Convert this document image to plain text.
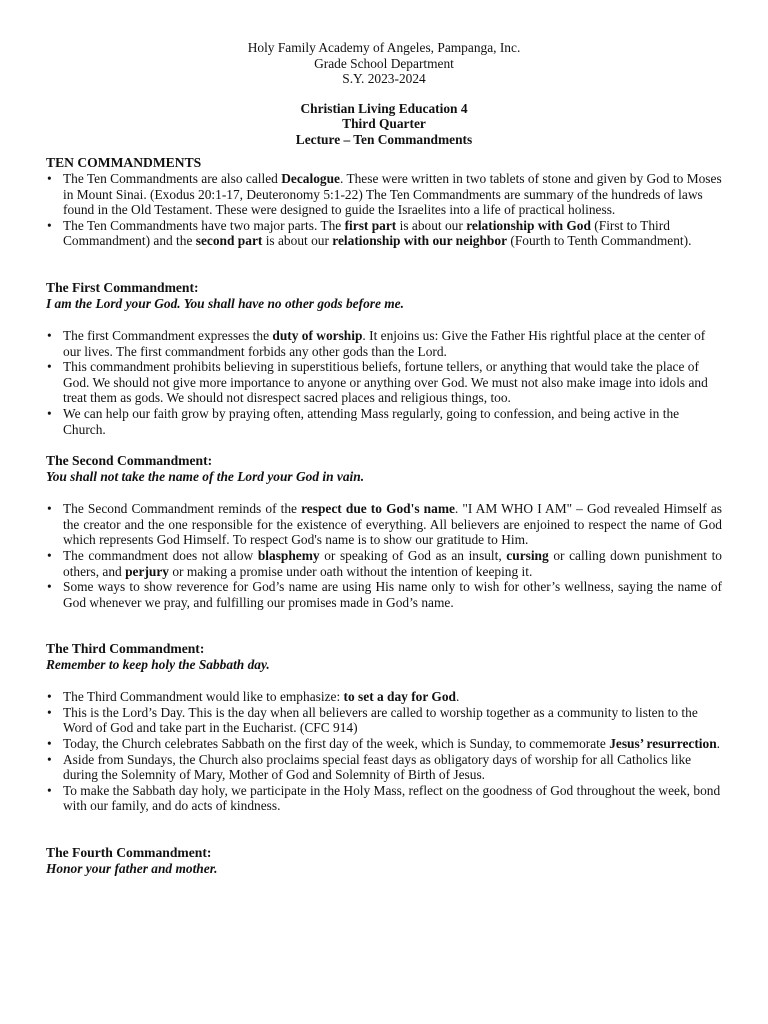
Holy Family Academy of Angeles, Pampanga, Inc.
Grade School Department
S.Y. 2023-2024
Christian Living Education 4
Third Quarter
Lecture – Ten Commandments
TEN COMMANDMENTS
• The Ten Commandments are also called Decalogue. These were written in two tablets of stone and given by God to Moses in Mount Sinai. (Exodus 20:1-17, Deuteronomy 5:1-22) The Ten Commandments are summary of the hundreds of laws found in the Old Testament. These were designed to guide the Israelites into a life of practical holiness.
• The Ten Commandments have two major parts. The first part is about our relationship with God (First to Third Commandment) and the second part is about our relationship with our neighbor (Fourth to Tenth Commandment).
The First Commandment:

I am the Lord your God. You shall have no other gods before me.

• The first Commandment expresses the duty of worship. It enjoins us: Give the Father His rightful place at the center of our lives. The first commandment forbids any other gods than the Lord.
• This commandment prohibits believing in superstitious beliefs, fortune tellers, or anything that would take the place of God. We should not give more importance to anyone or anything over God. We must not also make image into idols and treat them as gods. We should not disrespect sacred places and religious things, too.
• We can help our faith grow by praying often, attending Mass regularly, going to confession, and being active in the Church.
The Second Commandment:

You shall not take the name of the Lord your God in vain.

• The Second Commandment reminds of the respect due to God's name. "I AM WHO I AM" – God revealed Himself as the creator and the one responsible for the existence of everything. All believers are enjoined to respect the name of God which represents God Himself. To respect God's name is to show our gratitude to Him.
• The commandment does not allow blasphemy or speaking of God as an insult, cursing or calling down punishment to others, and perjury or making a promise under oath without the intention of keeping it.
• Some ways to show reverence for God’s name are using His name only to wish for other’s wellness, saying the name of God whenever we pray, and fulfilling our promises made in God’s name.
The Third Commandment:

Remember to keep holy the Sabbath day.

• The Third Commandment would like to emphasize: to set a day for God.
• This is the Lord’s Day. This is the day when all believers are called to worship together as a community to listen to the Word of God and take part in the Eucharist. (CFC 914)
• Today, the Church celebrates Sabbath on the first day of the week, which is Sunday, to commemorate Jesus’ resurrection.
• Aside from Sundays, the Church also proclaims special feast days as obligatory days of worship for all Catholics like during the Solemnity of Mary, Mother of God and Solemnity of Birth of Jesus.
• To make the Sabbath day holy, we participate in the Holy Mass, reflect on the goodness of God throughout the week, bond with our family, and do acts of kindness.
The Fourth Commandment:

Honor your father and mother.
